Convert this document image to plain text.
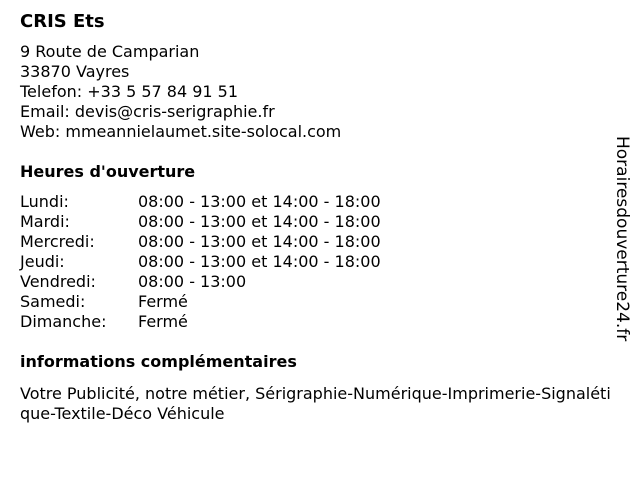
CRIS Ets
9 Route de Camparian
33870 Vayres
Telefon: +33 5 57 84 91 51
Email: devis@cris-serigraphie.fr
Web: mmeannielaumet.site-solocal.com
Heures d'ouverture
Lundi:	08:00 - 13:00 et 14:00 - 18:00
Mardi:	08:00 - 13:00 et 14:00 - 18:00
Mercredi:	08:00 - 13:00 et 14:00 - 18:00
Jeudi:	08:00 - 13:00 et 14:00 - 18:00
Vendredi:	08:00 - 13:00
Samedi:	Fermé
Dimanche:	Fermé
informations complémentaires
Votre Publicité, notre métier, Sérigraphie-Numérique-Imprimerie-Signalétique-Textile-Déco Véhicule
Horairesdouverture24.fr
